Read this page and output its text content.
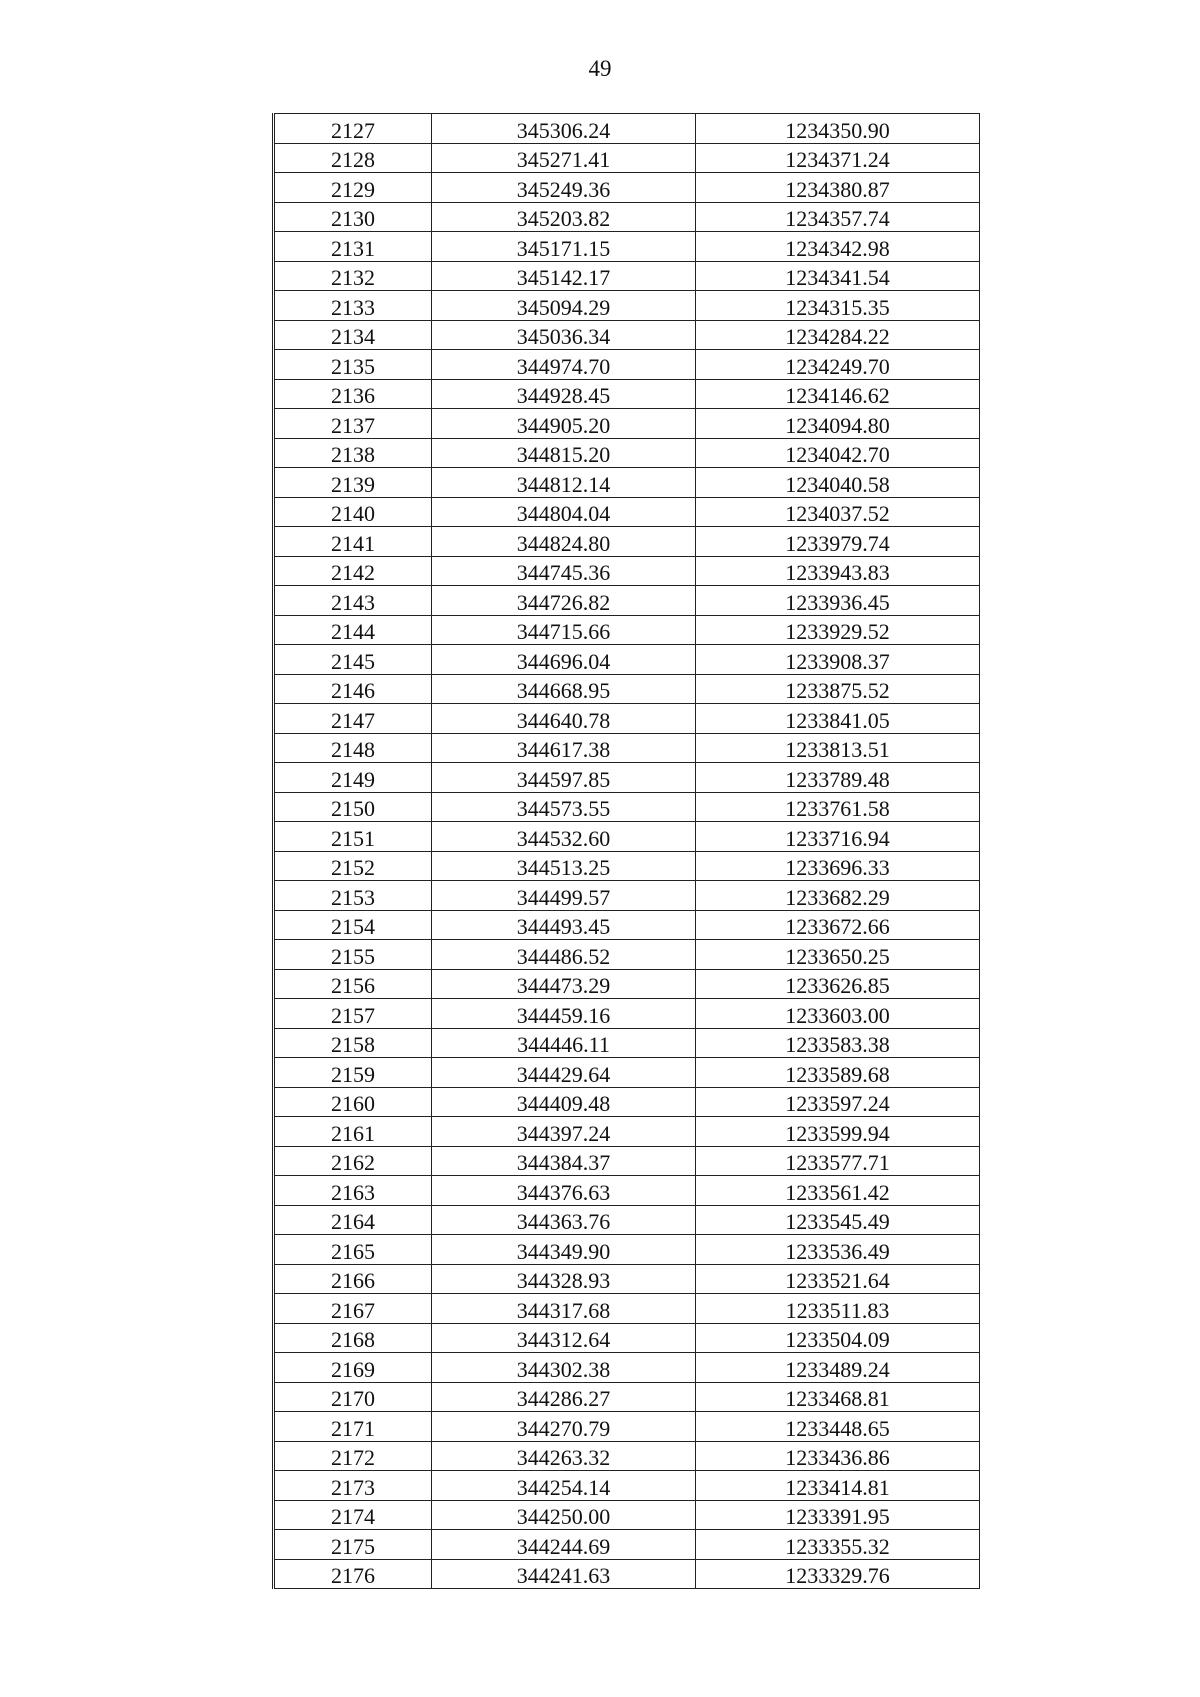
49
2127	345306.24	1234350.90
2128	345271.41	1234371.24
2129	345249.36	1234380.87
2130	345203.82	1234357.74
2131	345171.15	1234342.98
2132	345142.17	1234341.54
2133	345094.29	1234315.35
2134	345036.34	1234284.22
2135	344974.70	1234249.70
2136	344928.45	1234146.62
2137	344905.20	1234094.80
2138	344815.20	1234042.70
2139	344812.14	1234040.58
2140	344804.04	1234037.52
2141	344824.80	1233979.74
2142	344745.36	1233943.83
2143	344726.82	1233936.45
2144	344715.66	1233929.52
2145	344696.04	1233908.37
2146	344668.95	1233875.52
2147	344640.78	1233841.05
2148	344617.38	1233813.51
2149	344597.85	1233789.48
2150	344573.55	1233761.58
2151	344532.60	1233716.94
2152	344513.25	1233696.33
2153	344499.57	1233682.29
2154	344493.45	1233672.66
2155	344486.52	1233650.25
2156	344473.29	1233626.85
2157	344459.16	1233603.00
2158	344446.11	1233583.38
2159	344429.64	1233589.68
2160	344409.48	1233597.24
2161	344397.24	1233599.94
2162	344384.37	1233577.71
2163	344376.63	1233561.42
2164	344363.76	1233545.49
2165	344349.90	1233536.49
2166	344328.93	1233521.64
2167	344317.68	1233511.83
2168	344312.64	1233504.09
2169	344302.38	1233489.24
2170	344286.27	1233468.81
2171	344270.79	1233448.65
2172	344263.32	1233436.86
2173	344254.14	1233414.81
2174	344250.00	1233391.95
2175	344244.69	1233355.32
2176	344241.63	1233329.76
